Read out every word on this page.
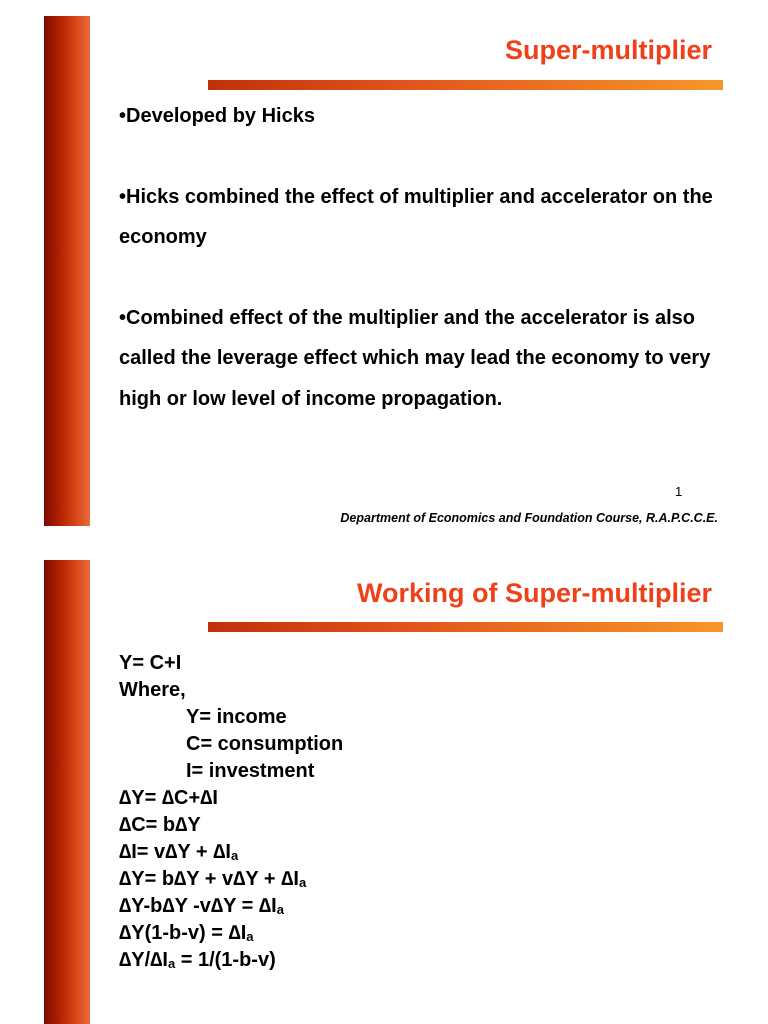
Super-multiplier
•Developed by Hicks
•Hicks combined the effect of multiplier and accelerator on the economy
•Combined effect of the multiplier and the accelerator is also called the leverage effect which may lead the economy to very high or low level of income propagation.
1
Department of Economics and Foundation Course, R.A.P.C.C.E.
Working of Super-multiplier
Y= C+I
Where,
Y= income
C= consumption
I= investment
∆Y= ∆C+∆I
∆C= b∆Y
$\Delta I= v\Delta Y + \Delta I_a$
$\Delta Y= b\Delta Y + v\Delta Y + \Delta I_a$
∆Y-b∆Y $-v\Delta Y = \Delta I_a$
$\Delta Y(1-b-v) = \Delta I_a$
$\Delta Y/\Delta I_a = 1/(1-b-v)$
